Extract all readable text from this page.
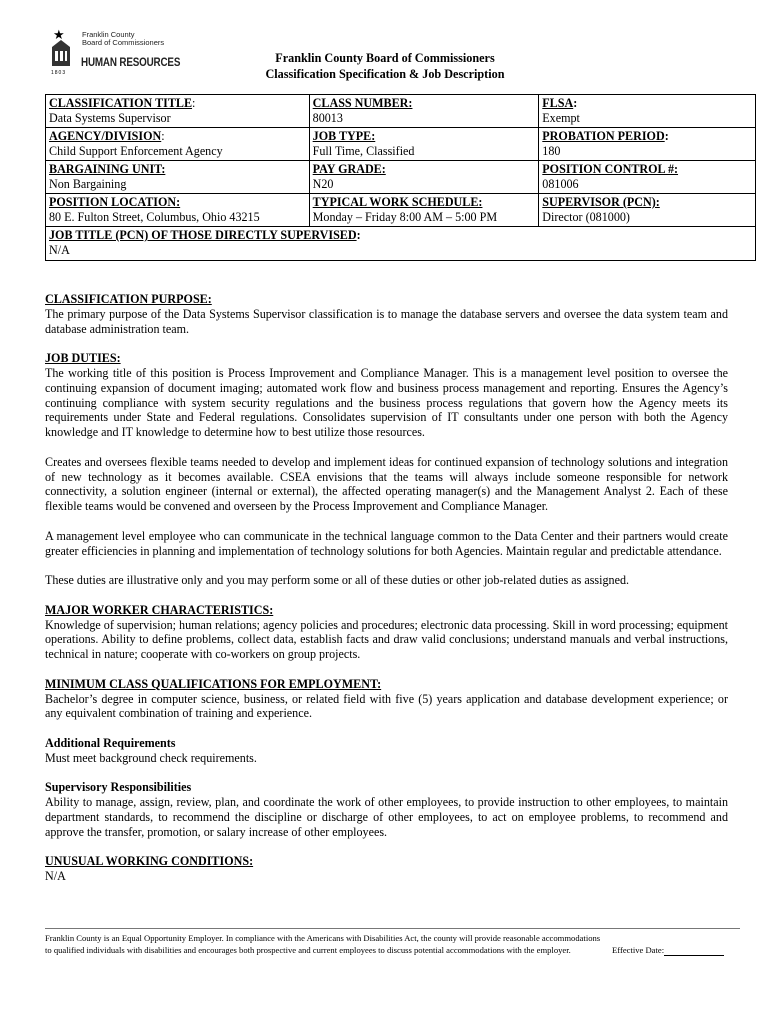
★
1803
Franklin County
Board of Commissioners
HUMAN RESOURCES	Franklin County Board of Commissioners
Classification Specification & Job Description
CLASSIFICATION TITLE:
Data Systems Supervisor	CLASS NUMBER:
80013	FLSA:
Exempt
AGENCY/DIVISION:
Child Support Enforcement Agency	JOB TYPE:
Full Time, Classified	PROBATION PERIOD:
180
BARGAINING UNIT:
Non Bargaining	PAY GRADE:
N20	POSITION CONTROL #:
081006
POSITION LOCATION:
80 E. Fulton Street, Columbus, Ohio 43215	TYPICAL WORK SCHEDULE:
Monday – Friday 8:00 AM – 5:00 PM	SUPERVISOR (PCN):
Director (081000)
JOB TITLE (PCN) OF THOSE DIRECTLY SUPERVISED:
N/A		

CLASSIFICATION PURPOSE:
The primary purpose of the Data Systems Supervisor classification is to manage the database servers and oversee the data system team and database administration team.

JOB DUTIES:
The working title of this position is Process Improvement and Compliance Manager. This is a management level position to oversee the continuing expansion of document imaging; automated work flow and business process management and reporting. Ensures the Agency’s continuing compliance with system security regulations and the business process regulations that govern how the Agency meets its requirements under State and Federal regulations. Consolidates supervision of IT consultants under one person with both the Agency knowledge and IT knowledge to determine how to best utilize those resources.

Creates and oversees flexible teams needed to develop and implement ideas for continued expansion of technology solutions and integration of new technology as it becomes available. CSEA envisions that the teams will always include someone responsible for network connectivity, a solution engineer (internal or external), the affected operating manager(s) and the Management Analyst 2. Each of these flexible teams would be convened and overseen by the Process Improvement and Compliance Manager.

A management level employee who can communicate in the technical language common to the Data Center and their partners would create greater efficiencies in planning and implementation of technology solutions for both Agencies. Maintain regular and predictable attendance.

These duties are illustrative only and you may perform some or all of these duties or other job-related duties as assigned.

MAJOR WORKER CHARACTERISTICS:
Knowledge of supervision; human relations; agency policies and procedures; electronic data processing. Skill in word processing; equipment operations. Ability to define problems, collect data, establish facts and draw valid conclusions; understand manuals and verbal instructions, technical in nature; cooperate with co-workers on group projects.

MINIMUM CLASS QUALIFICATIONS FOR EMPLOYMENT:
Bachelor’s degree in computer science, business, or related field with five (5) years application and database development experience; or any equivalent combination of training and experience.

Additional Requirements
Must meet background check requirements.

Supervisory Responsibilities
Ability to manage, assign, review, plan, and coordinate the work of other employees, to provide instruction to other employees, to maintain department standards, to recommend the discipline or discharge of other employees, to act on employee problems, to recommend and approve the transfer, promotion, or salary increase of other employees.

UNUSUAL WORKING CONDITIONS:
N/A

Franklin County is an Equal Opportunity Employer. In compliance with the Americans with Disabilities Act, the county will provide reasonable accommodations to qualified individuals with disabilities and encourages both prospective and current employees to discuss potential accommodations with the employer.	Effective Date:
